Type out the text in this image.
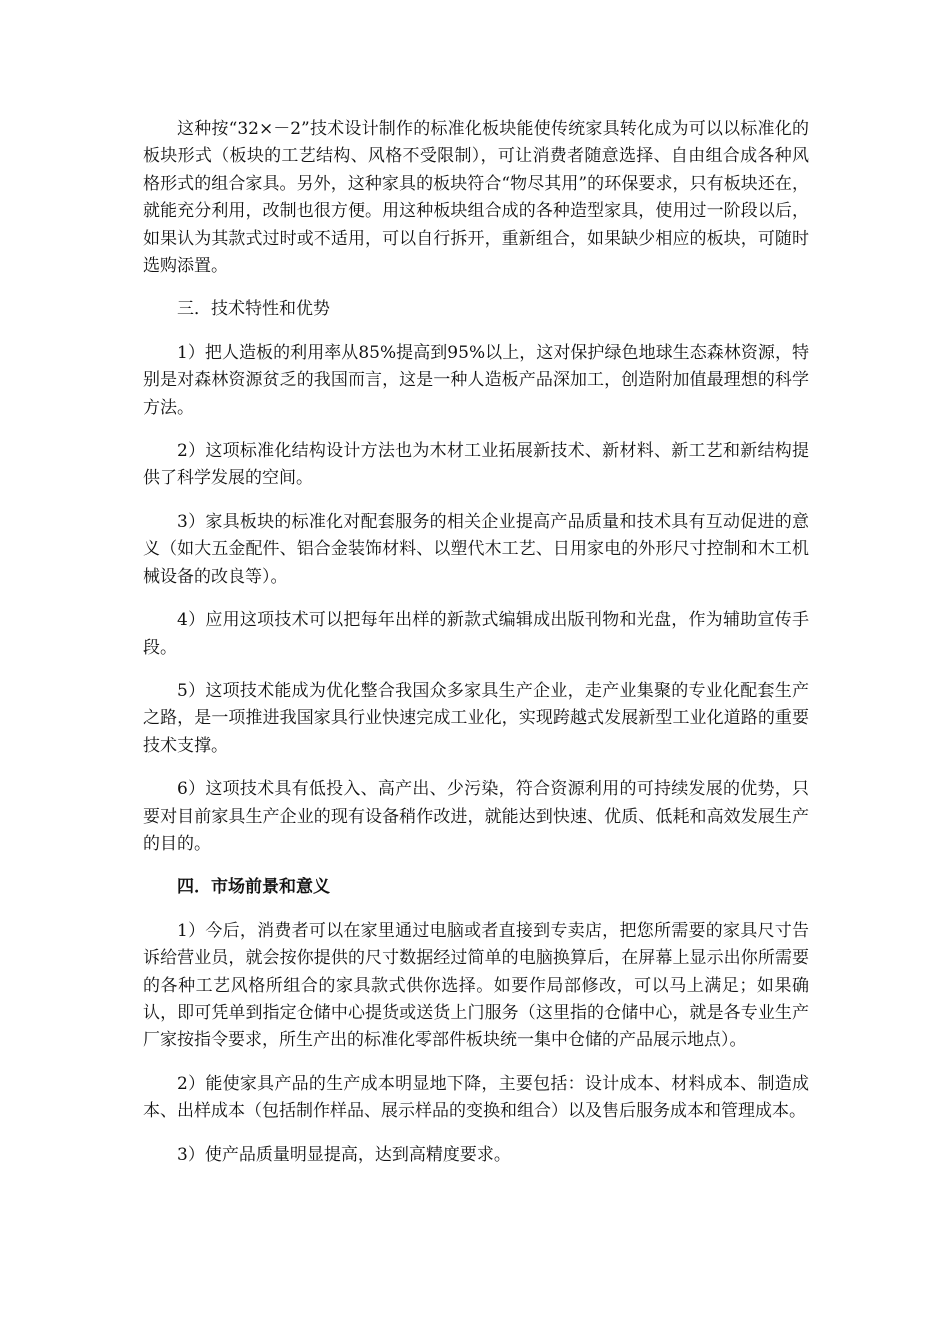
这种按“32×－2”技术设计制作的标准化板块能使传统家具转化成为可以以标准化的板块形式（板块的工艺结构、风格不受限制），可让消费者随意选择、自由组合成各种风格形式的组合家具。另外，这种家具的板块符合“物尽其用”的环保要求，只有板块还在，就能充分利用，改制也很方便。用这种板块组合成的各种造型家具，使用过一阶段以后，如果认为其款式过时或不适用，可以自行拆开，重新组合，如果缺少相应的板块，可随时选购添置。

三．技术特性和优势

1）把人造板的利用率从85%提高到95%以上，这对保护绿色地球生态森林资源，特别是对森林资源贫乏的我国而言，这是一种人造板产品深加工，创造附加值最理想的科学方法。

2）这项标准化结构设计方法也为木材工业拓展新技术、新材料、新工艺和新结构提供了科学发展的空间。

3）家具板块的标准化对配套服务的相关企业提高产品质量和技术具有互动促进的意义（如大五金配件、铝合金装饰材料、以塑代木工艺、日用家电的外形尺寸控制和木工机械设备的改良等）。

4）应用这项技术可以把每年出样的新款式编辑成出版刊物和光盘，作为辅助宣传手段。

5）这项技术能成为优化整合我国众多家具生产企业，走产业集聚的专业化配套生产之路，是一项推进我国家具行业快速完成工业化，实现跨越式发展新型工业化道路的重要技术支撑。

6）这项技术具有低投入、高产出、少污染，符合资源利用的可持续发展的优势，只要对目前家具生产企业的现有设备稍作改进，就能达到快速、优质、低耗和高效发展生产的目的。

四．市场前景和意义

1）今后，消费者可以在家里通过电脑或者直接到专卖店，把您所需要的家具尺寸告诉给营业员，就会按你提供的尺寸数据经过简单的电脑换算后，在屏幕上显示出你所需要的各种工艺风格所组合的家具款式供你选择。如要作局部修改，可以马上满足；如果确认，即可凭单到指定仓储中心提货或送货上门服务（这里指的仓储中心，就是各专业生产厂家按指令要求，所生产出的标准化零部件板块统一集中仓储的产品展示地点）。

2）能使家具产品的生产成本明显地下降，主要包括：设计成本、材料成本、制造成本、出样成本（包括制作样品、展示样品的变换和组合）以及售后服务成本和管理成本。

3）使产品质量明显提高，达到高精度要求。
